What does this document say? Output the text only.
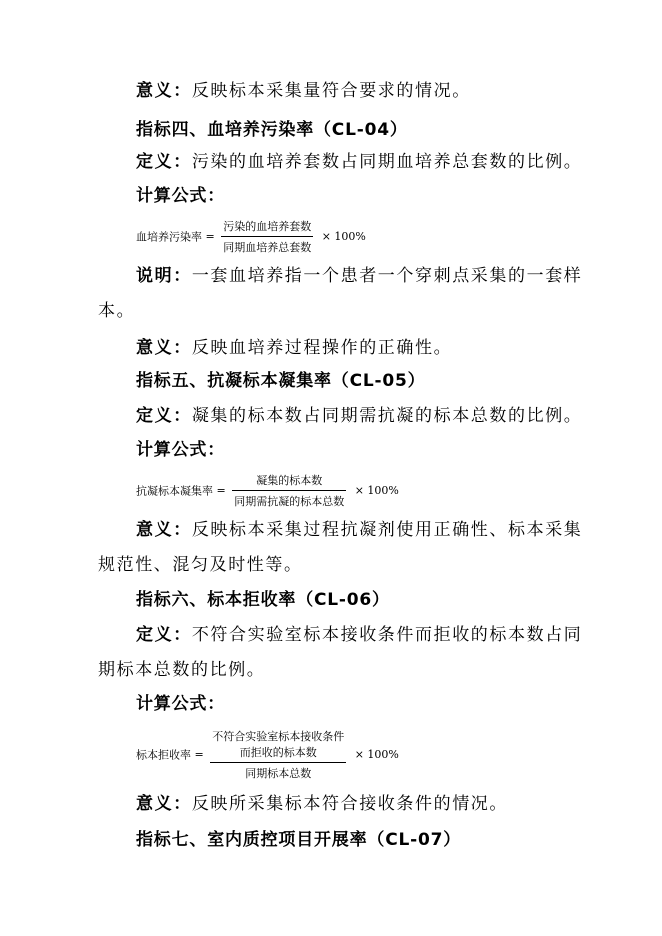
意义：反映标本采集量符合要求的情况。
指标四、血培养污染率（CL-04）
定义：污染的血培养套数占同期血培养总套数的比例。
计算公式：
血培养污染率 = $\frac{\text{污染的血培养套数}}{\text{同期血培养总套数}} \times 100\%$
说明：一套血培养指一个患者一个穿刺点采集的一套样
本。
意义：反映血培养过程操作的正确性。
指标五、抗凝标本凝集率（CL-05）
定义：凝集的标本数占同期需抗凝的标本总数的比例。
计算公式：
抗凝标本凝集率 = $\frac{\text{凝集的标本数}}{\text{同期需抗凝的标本总数}} \times 100\%$
意义：反映标本采集过程抗凝剂使用正确性、标本采集
规范性、混匀及时性等。
指标六、标本拒收率（CL-06）
定义：不符合实验室标本接收条件而拒收的标本数占同
期标本总数的比例。
计算公式：
标本拒收率 =
不符合实验室标本接收条件
而拒收的标本数
同期标本总数
× 100%
意义：反映所采集标本符合接收条件的情况。
指标七、室内质控项目开展率（CL-07）
